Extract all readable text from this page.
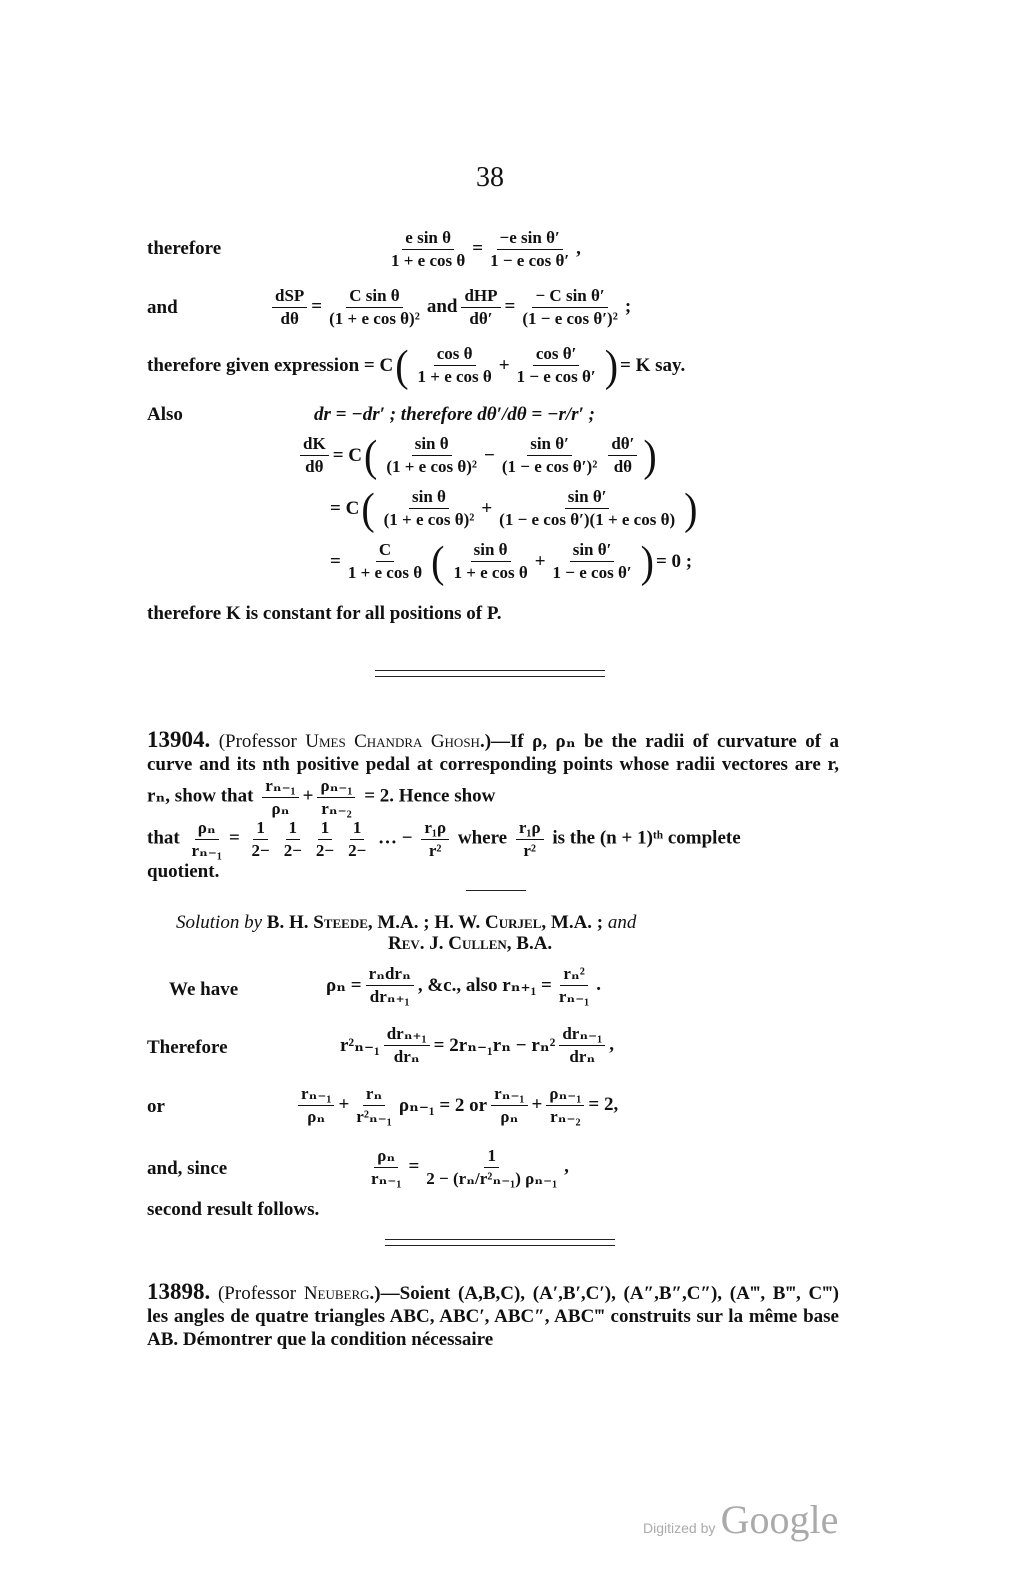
38
therefore	$\frac{\text{e sin θ}}{\text{1 + e cos θ}} = \frac{\text{−e sin θ′}}{\text{1 − e cos θ′}}$ ,
and	$\frac{\text{dSP}}{d\theta} = \frac{\text{C sin θ}}{\text{(1 + e cos θ)²}}$ and $\frac{\text{dHP}}{d\theta'} = \frac{\text{− C sin θ′}}{\text{(1 − e cos θ′)²}}$ ;
therefore given expression = C ( $\frac{\text{cos θ}}{\text{1 + e cos θ}} + \frac{\text{cos θ′}}{\text{1 − e cos θ′}}$ ) = K say.
Also	dr = −dr′ ; therefore dθ′/dθ = −r/r′ ;
$\frac{dK}{d\theta} = C$ ( $\frac{\text{sin θ}}{\text{(1 + e cos θ)²}} - \frac{\text{sin θ′}}{\text{(1 − e cos θ′)²}} \frac{d\theta'}{d\theta}$ )
= C ( $\frac{\text{sin θ}}{\text{(1 + e cos θ)²}} + \frac{\text{sin θ′}}{\text{(1 − e cos θ′)(1 + e cos θ)}}$ )
= $\frac{C}{\text{1 + e cos θ}}$ ( $\frac{\text{sin θ}}{\text{1 + e cos θ}} + \frac{\text{sin θ′}}{\text{1 − e cos θ′}}$ ) = 0 ;
therefore K is constant for all positions of P.
13904. (Professor Umes Chandra Ghosh.)—If ρ, ρₙ be the radii of curvature of a curve and its nth positive pedal at corresponding points whose radii vectores are r, rₙ, show that $\frac{\text{rₙ₋₁}}{\text{ρₙ}} + \frac{\text{ρₙ₋₁}}{\text{rₙ₋₂}} = 2$. Hence show
that $\frac{\text{ρₙ}}{\text{rₙ₋₁}} = \frac{1}{2-} \frac{1}{2-} \frac{1}{2-} \frac{1}{2-}$ … − $\frac{\text{r₁ρ}}{\text{r²}}$ where $\frac{\text{r₁ρ}}{\text{r²}}$ is the (n + 1)ᵗʰ complete
quotient.
Solution by B. H. Steede, M.A. ; H. W. Curjel, M.A. ; and
Rev. J. Cullen, B.A.
We have	$\rho_n = \frac{\text{rₙdrₙ}}{\text{drₙ₊₁}}$ , &c., also $r_{n+1} = \frac{\text{rₙ²}}{\text{rₙ₋₁}}$ .
Therefore	$r^2_{n-1} \frac{\text{drₙ₊₁}}{\text{drₙ}} = 2r_{n-1}r_n - r_n^2 \frac{\text{drₙ₋₁}}{\text{drₙ}}$ ,
or	$\frac{\text{rₙ₋₁}}{\text{ρₙ}} + \frac{\text{rₙ}}{\text{r²ₙ₋₁}} \rho_{n-1} = 2$ or $\frac{\text{rₙ₋₁}}{\text{ρₙ}} + \frac{\text{ρₙ₋₁}}{\text{rₙ₋₂}} = 2$,
and, since	$\frac{\text{ρₙ}}{\text{rₙ₋₁}} = \frac{1}{\text{2 − (rₙ/r²ₙ₋₁) ρₙ₋₁}}$ ,
second result follows.
13898. (Professor Neuberg.)—Soient (A,B,C), (A′,B′,C′), (A″,B″,C″), (A‴, B‴, C‴) les angles de quatre triangles ABC, ABC′, ABC″, ABC‴ construits sur la même base AB. Démontrer que la condition nécessaire
Digitized by Google
